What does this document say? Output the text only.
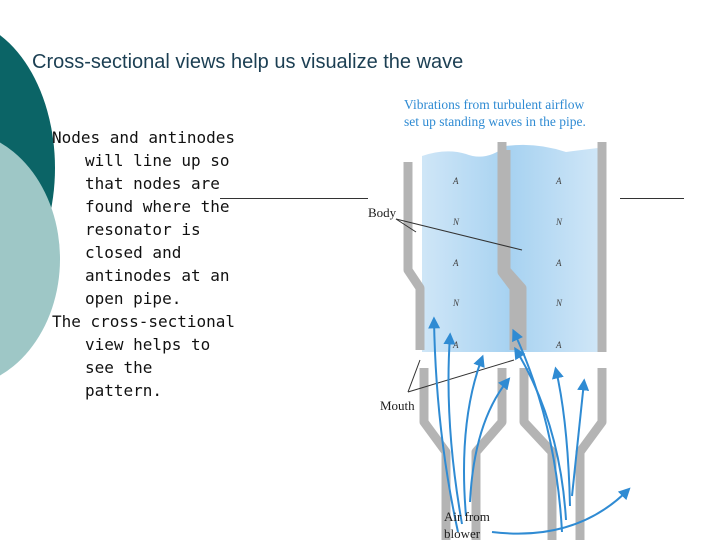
Cross-sectional views help us visualize the wave
Nodes and antinodes will line up so that nodes are found where the resonator is closed and antinodes at an open pipe.
The cross-sectional view helps to see the pattern.
Vibrations from turbulent airflow
set up standing waves in the pipe.
Body
Mouth
Air from
blower
A
N
A
N
A
A
N
A
N
A
